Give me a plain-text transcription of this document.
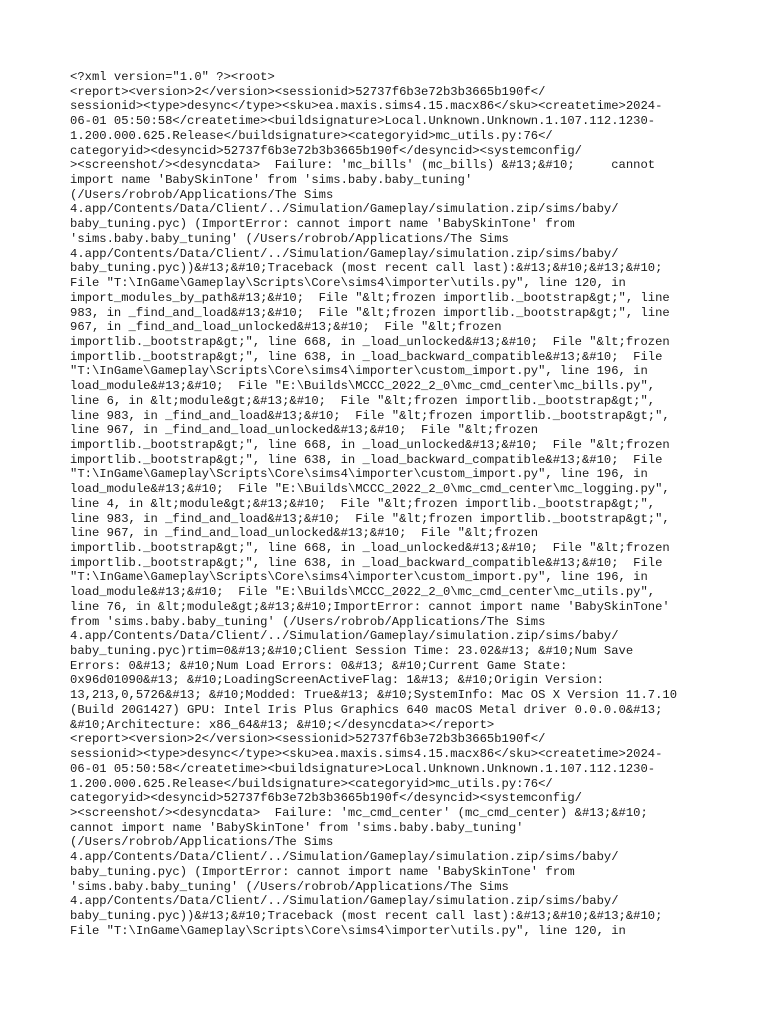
<?xml version="1.0" ?><root>
<report><version>2</version><sessionid>52737f6b3e72b3b3665b190f</
sessionid><type>desync</type><sku>ea.maxis.sims4.15.macx86</sku><createtime>2024-
06-01 05:50:58</createtime><buildsignature>Local.Unknown.Unknown.1.107.112.1230-
1.200.000.625.Release</buildsignature><categoryid>mc_utils.py:76</
categoryid><desyncid>52737f6b3e72b3b3665b190f</desyncid><systemconfig/
><screenshot/><desyncdata>  Failure: 'mc_bills' (mc_bills) &#13;&#10;     cannot
import name 'BabySkinTone' from 'sims.baby.baby_tuning'
(/Users/robrob/Applications/The Sims
4.app/Contents/Data/Client/../Simulation/Gameplay/simulation.zip/sims/baby/
baby_tuning.pyc) (ImportError: cannot import name 'BabySkinTone' from
'sims.baby.baby_tuning' (/Users/robrob/Applications/The Sims
4.app/Contents/Data/Client/../Simulation/Gameplay/simulation.zip/sims/baby/
baby_tuning.pyc))&#13;&#10;Traceback (most recent call last):&#13;&#10;&#13;&#10;
File "T:\InGame\Gameplay\Scripts\Core\sims4\importer\utils.py", line 120, in
import_modules_by_path&#13;&#10;  File "&lt;frozen importlib._bootstrap&gt;", line
983, in _find_and_load&#13;&#10;  File "&lt;frozen importlib._bootstrap&gt;", line
967, in _find_and_load_unlocked&#13;&#10;  File "&lt;frozen
importlib._bootstrap&gt;", line 668, in _load_unlocked&#13;&#10;  File "&lt;frozen
importlib._bootstrap&gt;", line 638, in _load_backward_compatible&#13;&#10;  File
"T:\InGame\Gameplay\Scripts\Core\sims4\importer\custom_import.py", line 196, in
load_module&#13;&#10;  File "E:\Builds\MCCC_2022_2_0\mc_cmd_center\mc_bills.py",
line 6, in &lt;module&gt;&#13;&#10;  File "&lt;frozen importlib._bootstrap&gt;",
line 983, in _find_and_load&#13;&#10;  File "&lt;frozen importlib._bootstrap&gt;",
line 967, in _find_and_load_unlocked&#13;&#10;  File "&lt;frozen
importlib._bootstrap&gt;", line 668, in _load_unlocked&#13;&#10;  File "&lt;frozen
importlib._bootstrap&gt;", line 638, in _load_backward_compatible&#13;&#10;  File
"T:\InGame\Gameplay\Scripts\Core\sims4\importer\custom_import.py", line 196, in
load_module&#13;&#10;  File "E:\Builds\MCCC_2022_2_0\mc_cmd_center\mc_logging.py",
line 4, in &lt;module&gt;&#13;&#10;  File "&lt;frozen importlib._bootstrap&gt;",
line 983, in _find_and_load&#13;&#10;  File "&lt;frozen importlib._bootstrap&gt;",
line 967, in _find_and_load_unlocked&#13;&#10;  File "&lt;frozen
importlib._bootstrap&gt;", line 668, in _load_unlocked&#13;&#10;  File "&lt;frozen
importlib._bootstrap&gt;", line 638, in _load_backward_compatible&#13;&#10;  File
"T:\InGame\Gameplay\Scripts\Core\sims4\importer\custom_import.py", line 196, in
load_module&#13;&#10;  File "E:\Builds\MCCC_2022_2_0\mc_cmd_center\mc_utils.py",
line 76, in &lt;module&gt;&#13;&#10;ImportError: cannot import name 'BabySkinTone'
from 'sims.baby.baby_tuning' (/Users/robrob/Applications/The Sims
4.app/Contents/Data/Client/../Simulation/Gameplay/simulation.zip/sims/baby/
baby_tuning.pyc)rtim=0&#13;&#10;Client Session Time: 23.02&#13; &#10;Num Save
Errors: 0&#13; &#10;Num Load Errors: 0&#13; &#10;Current Game State:
0x96d01090&#13; &#10;LoadingScreenActiveFlag: 1&#13; &#10;Origin Version:
13,213,0,5726&#13; &#10;Modded: True&#13; &#10;SystemInfo: Mac OS X Version 11.7.10
(Build 20G1427) GPU: Intel Iris Plus Graphics 640 macOS Metal driver 0.0.0.0&#13;
&#10;Architecture: x86_64&#13; &#10;</desyncdata></report>
<report><version>2</version><sessionid>52737f6b3e72b3b3665b190f</
sessionid><type>desync</type><sku>ea.maxis.sims4.15.macx86</sku><createtime>2024-
06-01 05:50:58</createtime><buildsignature>Local.Unknown.Unknown.1.107.112.1230-
1.200.000.625.Release</buildsignature><categoryid>mc_utils.py:76</
categoryid><desyncid>52737f6b3e72b3b3665b190f</desyncid><systemconfig/
><screenshot/><desyncdata>  Failure: 'mc_cmd_center' (mc_cmd_center) &#13;&#10;
cannot import name 'BabySkinTone' from 'sims.baby.baby_tuning'
(/Users/robrob/Applications/The Sims
4.app/Contents/Data/Client/../Simulation/Gameplay/simulation.zip/sims/baby/
baby_tuning.pyc) (ImportError: cannot import name 'BabySkinTone' from
'sims.baby.baby_tuning' (/Users/robrob/Applications/The Sims
4.app/Contents/Data/Client/../Simulation/Gameplay/simulation.zip/sims/baby/
baby_tuning.pyc))&#13;&#10;Traceback (most recent call last):&#13;&#10;&#13;&#10;
File "T:\InGame\Gameplay\Scripts\Core\sims4\importer\utils.py", line 120, in
